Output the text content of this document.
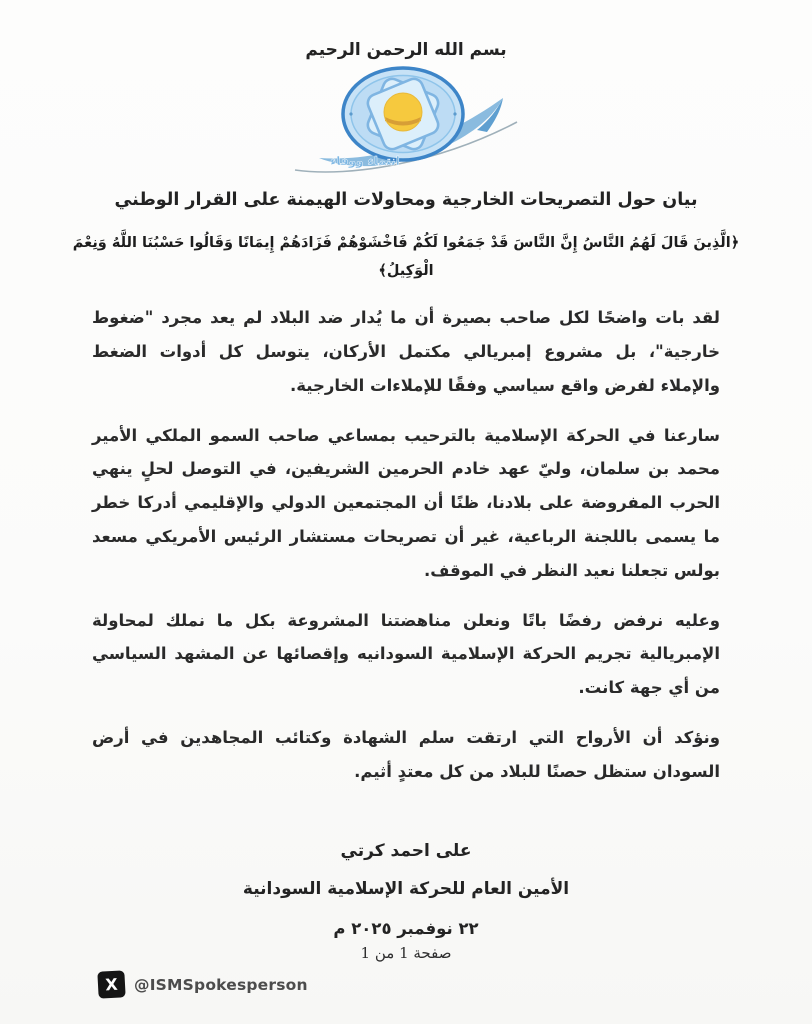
بسم الله الرحمن الرحيم
انتماء ووفاء
بيان حول التصريحات الخارجية ومحاولات الهيمنة على القرار الوطني
﴿الَّذِينَ قَالَ لَهُمُ النَّاسُ إِنَّ النَّاسَ قَدْ جَمَعُوا لَكُمْ فَاخْشَوْهُمْ فَزَادَهُمْ إِيمَانًا وَقَالُوا حَسْبُنَا اللَّهُ وَنِعْمَ الْوَكِيلُ﴾

لقد بات واضحًا لكل صاحب بصيرة أن ما يُدار ضد البلاد لم يعد مجرد "ضغوط خارجية"، بل مشروع إمبريالي مكتمل الأركان، يتوسل كل أدوات الضغط والإملاء لفرض واقع سياسي وفقًا للإملاءات الخارجية.

سارعنا في الحركة الإسلامية بالترحيب بمساعي صاحب السمو الملكي الأمير محمد بن سلمان، وليّ عهد خادم الحرمين الشريفين، في التوصل لحلٍ ينهي الحرب المفروضة على بلادنا، ظنًا أن المجتمعين الدولي والإقليمي أدركا خطر ما يسمى باللجنة الرباعية، غير أن تصريحات مستشار الرئيس الأمريكي مسعد بولس تجعلنا نعيد النظر في الموقف.

وعليه نرفض رفضًا باتًا ونعلن مناهضتنا المشروعة بكل ما نملك لمحاولة الإمبريالية تجريم الحركة الإسلامية السودانيه وإقصائها عن المشهد السياسي من أي جهة كانت.

ونؤكد أن الأرواح التي ارتقت سلم الشهادة وكتائب المجاهدين في أرض السودان ستظل حصنًا للبلاد من كل معتدٍ أثيم.

على احمد كرتي
الأمين العام للحركة الإسلامية السودانية
٢٢ نوفمبر ٢٠٢٥ م
صفحة 1 من 1
X	@ISMSpokesperson
